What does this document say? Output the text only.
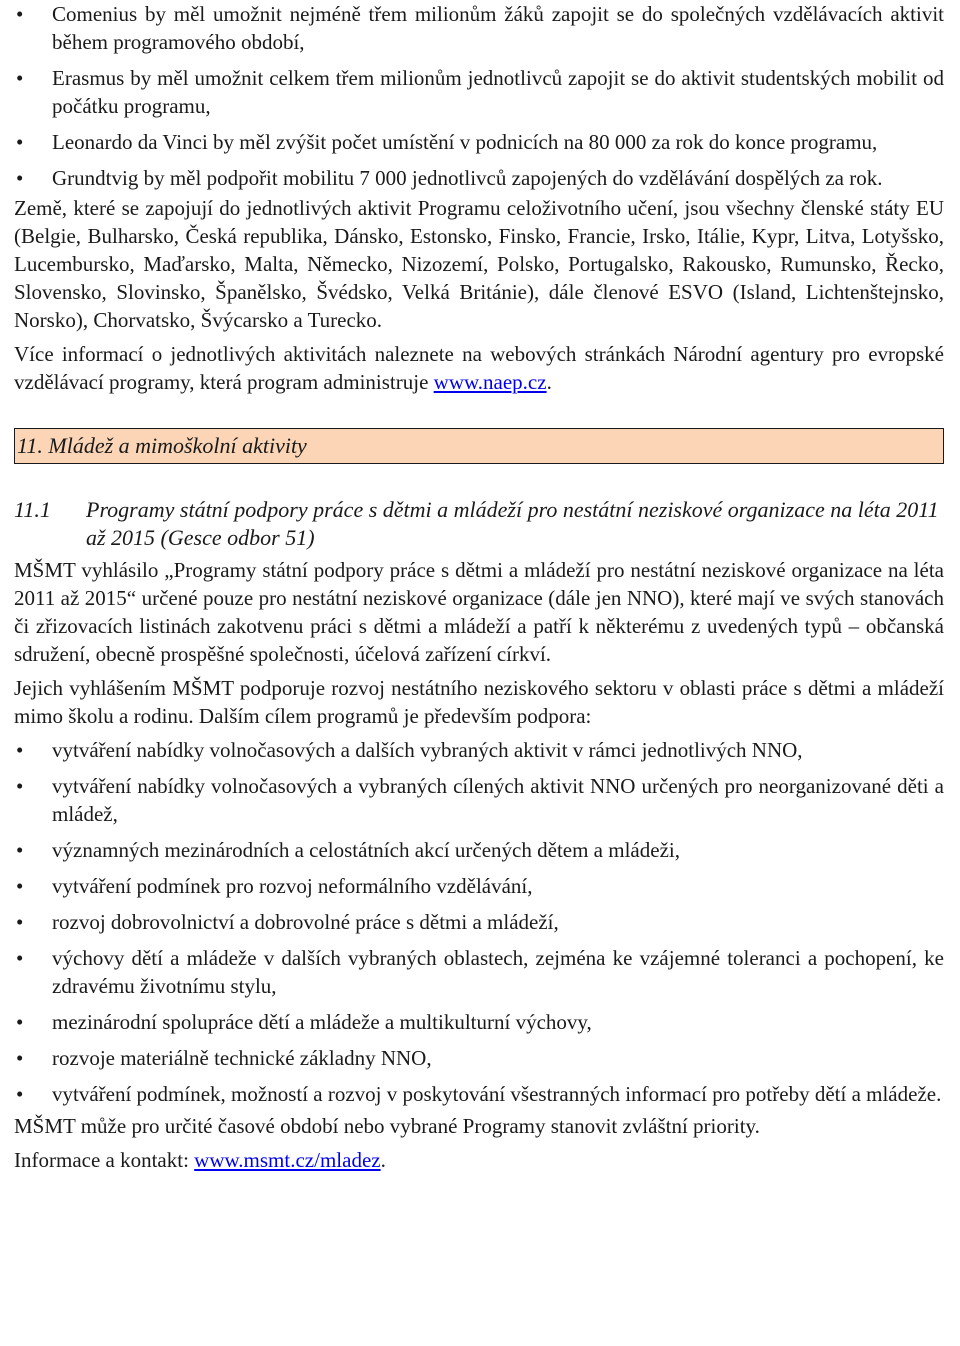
•	Comenius by měl umožnit nejméně třem milionům žáků zapojit se do společných vzdělávacích aktivit během programového období,
•	Erasmus by měl umožnit celkem třem milionům jednotlivců zapojit se do aktivit studentských mobilit od počátku programu,
•	Leonardo da Vinci by měl zvýšit počet umístění v podnicích na 80 000 za rok do konce programu,
•	Grundtvig by měl podpořit mobilitu 7 000 jednotlivců zapojených do vzdělávání dospělých za rok.

Země, které se zapojují do jednotlivých aktivit Programu celoživotního učení, jsou všechny členské státy EU (Belgie, Bulharsko, Česká republika, Dánsko, Estonsko, Finsko, Francie, Irsko, Itálie, Kypr, Litva, Lotyšsko, Lucembursko, Maďarsko, Malta, Německo, Nizozemí, Polsko, Portugalsko, Rakousko, Rumunsko, Řecko, Slovensko, Slovinsko, Španělsko, Švédsko, Velká Británie), dále členové ESVO (Island, Lichtenštejnsko, Norsko), Chorvatsko, Švýcarsko a Turecko.

Více informací o jednotlivých aktivitách naleznete na webových stránkách Národní agentury pro evropské vzdělávací programy, která program administruje www.naep.cz.

11. Mládež a mimoškolní aktivity
11.1	Programy státní podpory práce s dětmi a mládeží pro nestátní neziskové organizace na léta 2011 až 2015 (Gesce odbor 51)

MŠMT vyhlásilo „Programy státní podpory práce s dětmi a mládeží pro nestátní neziskové organizace na léta 2011 až 2015“ určené pouze pro nestátní neziskové organizace (dále jen NNO), které mají ve svých stanovách či zřizovacích listinách zakotvenu práci s dětmi a mládeží a patří k některému z uvedených typů – občanská sdružení, obecně prospěšné společnosti, účelová zařízení církví.

Jejich vyhlášením MŠMT podporuje rozvoj nestátního neziskového sektoru v oblasti práce s dětmi a mládeží mimo školu a rodinu. Dalším cílem programů je především podpora:

•	vytváření nabídky volnočasových a dalších vybraných aktivit v rámci jednotlivých NNO,
•	vytváření nabídky volnočasových a vybraných cílených aktivit NNO určených pro neorganizované děti a mládež,
•	významných mezinárodních a celostátních akcí určených dětem a mládeži,
•	vytváření podmínek pro rozvoj neformálního vzdělávání,
•	rozvoj dobrovolnictví a dobrovolné práce s dětmi a mládeží,
•	výchovy dětí a mládeže v dalších vybraných oblastech, zejména ke vzájemné toleranci a pochopení, ke zdravému životnímu stylu,
•	mezinárodní spolupráce dětí a mládeže a multikulturní výchovy,
•	rozvoje materiálně technické základny NNO,
•	vytváření podmínek, možností a rozvoj v poskytování všestranných informací pro potřeby dětí a mládeže.

MŠMT může pro určité časové období nebo vybrané Programy stanovit zvláštní priority.

Informace a kontakt: www.msmt.cz/mladez.
